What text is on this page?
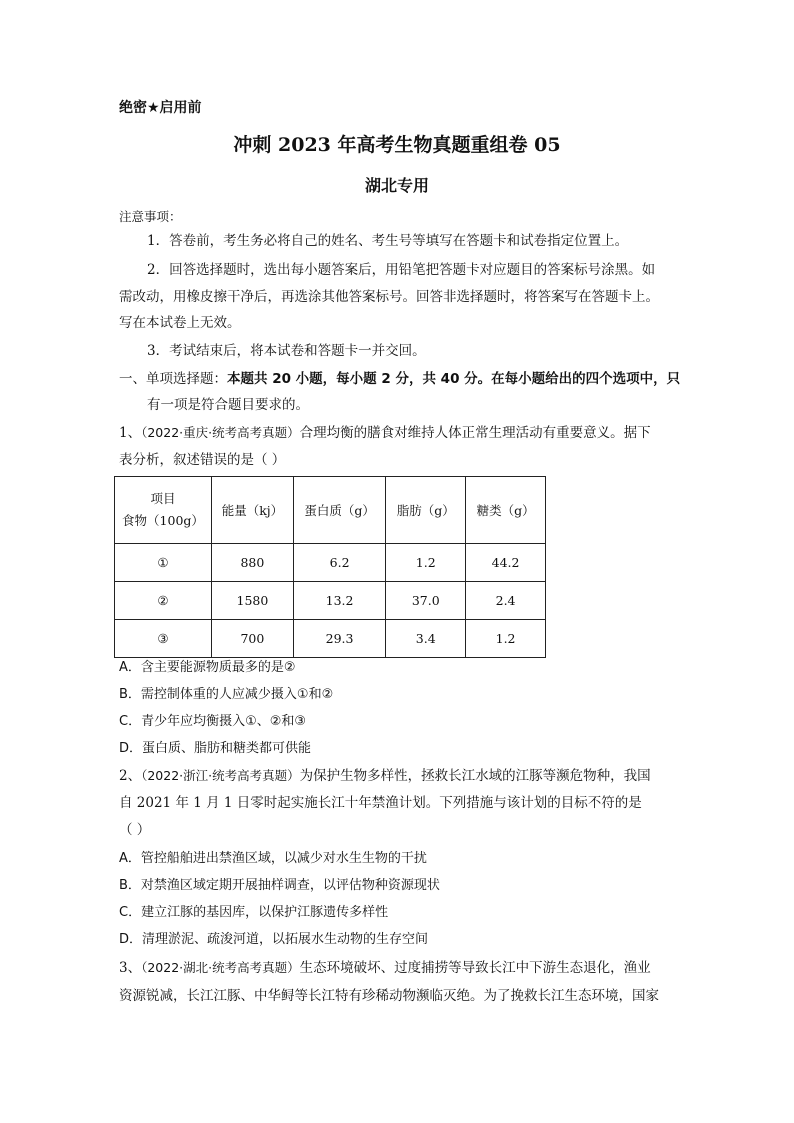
绝密★启用前
冲刺 2023 年高考生物真题重组卷 05
湖北专用
注意事项：
1．答卷前，考生务必将自己的姓名、考生号等填写在答题卡和试卷指定位置上。
2．回答选择题时，选出每小题答案后，用铅笔把答题卡对应题目的答案标号涂黑。如
需改动，用橡皮擦干净后，再选涂其他答案标号。回答非选择题时，将答案写在答题卡上。
写在本试卷上无效。
3．考试结束后，将本试卷和答题卡一并交回。
一、单项选择题：本题共 20 小题，每小题 2 分，共 40 分。在每小题给出的四个选项中，只
有一项是符合题目要求的。
1、（2022·重庆·统考高考真题）合理均衡的膳食对维持人体正常生理活动有重要意义。据下
表分析，叙述错误的是（ ）
项目
食物（100g）	能量（kj）	蛋白质（g）	脂肪（g）	糖类（g）
①	880	6.2	1.2	44.2
②	1580	13.2	37.0	2.4
③	700	29.3	3.4	1.2
A．含主要能源物质最多的是②
B．需控制体重的人应减少摄入①和②
C．青少年应均衡摄入①、②和③
D．蛋白质、脂肪和糖类都可供能
2、（2022·浙江·统考高考真题）为保护生物多样性，拯救长江水域的江豚等濒危物种，我国
自 2021 年 1 月 1 日零时起实施长江十年禁渔计划。下列措施与该计划的目标不符的是
（ ）
A．管控船舶进出禁渔区域，以减少对水生生物的干扰
B．对禁渔区域定期开展抽样调查，以评估物种资源现状
C．建立江豚的基因库，以保护江豚遗传多样性
D．清理淤泥、疏浚河道，以拓展水生动物的生存空间
3、（2022·湖北·统考高考真题）生态环境破坏、过度捕捞等导致长江中下游生态退化，渔业
资源锐减，长江江豚、中华鲟等长江特有珍稀动物濒临灭绝。为了挽救长江生态环境，国家
